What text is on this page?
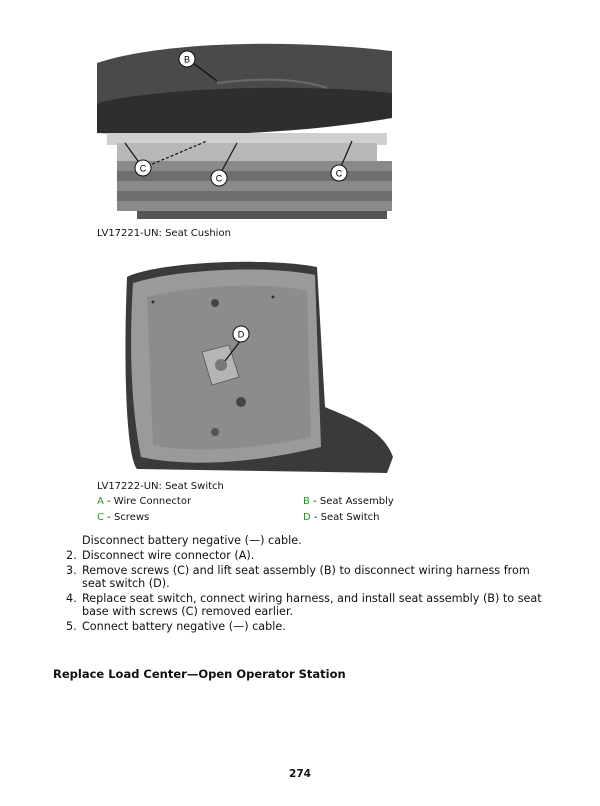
B
C
C	C
LV17221-UN: Seat Cushion
D
LV17222-UN: Seat Switch
A - Wire Connector	B - Seat Assembly
C - Screws	D - Seat Switch
Disconnect battery negative (—) cable.
2. Disconnect wire connector (A).
3. Remove screws (C) and lift seat assembly (B) to disconnect wiring harness from seat switch (D).
4. Replace seat switch, connect wiring harness, and install seat assembly (B) to seat base with screws (C) removed earlier.
5. Connect battery negative (—) cable.
Replace Load Center—Open Operator Station
274
